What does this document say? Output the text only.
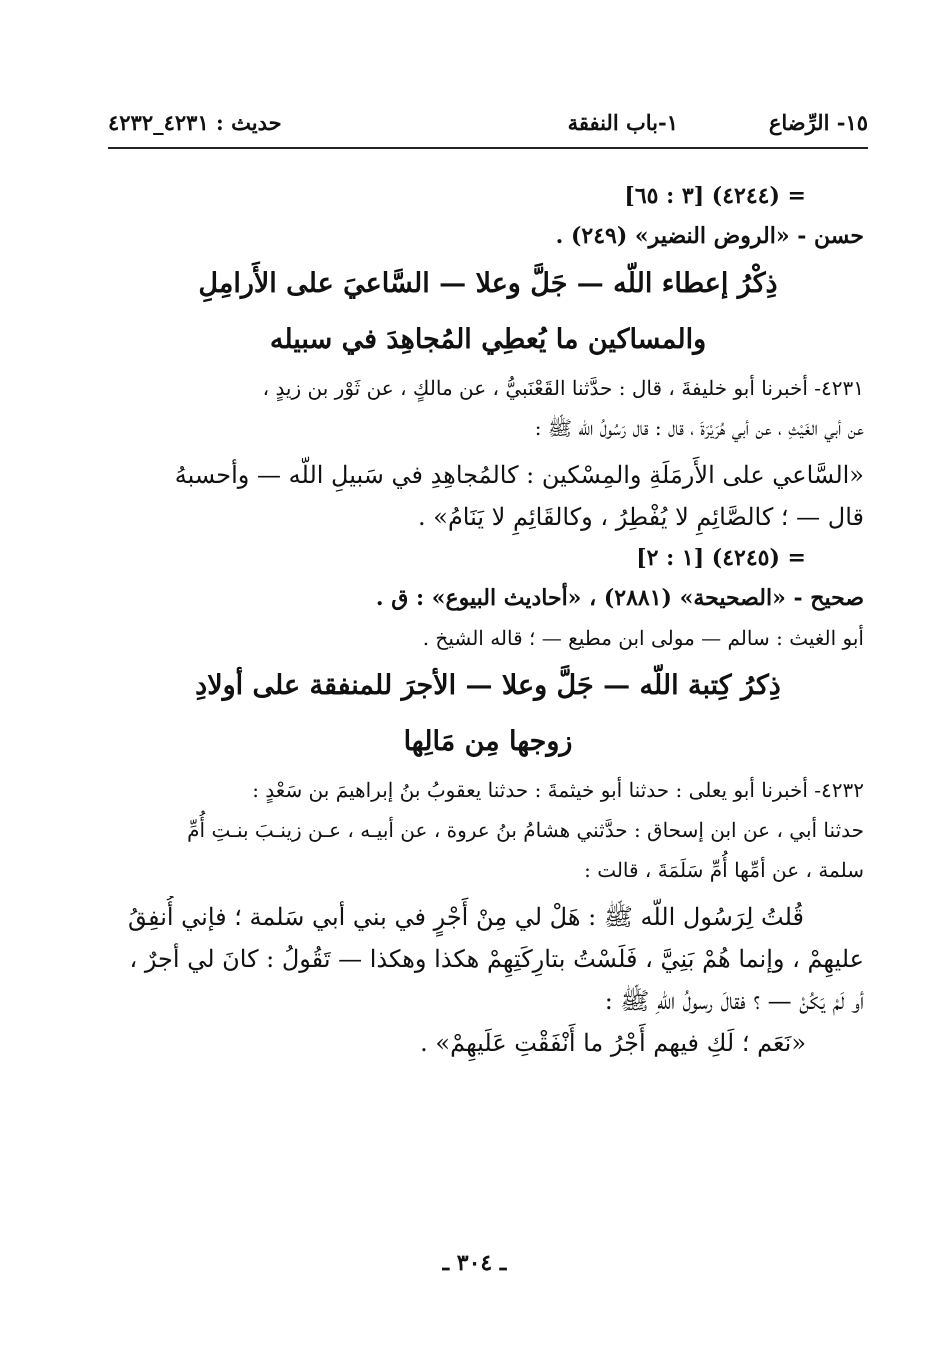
١٥- الرِّضاع
١-باب النفقة
حديث : ٤٢٣١_٤٢٣٢
= (٤٢٤٤) [٣ : ٦٥]
حسن - «الروض النضير» (٢٤٩) .
ذِكْرُ إعطاء اللّه — جَلَّ وعلا — السَّاعيَ على الأَرامِلِ
والمساكين ما يُعطِي المُجاهِدَ في سبيله
٤٢٣١- أخبرنا أبو خليفةَ ، قال : حدَّثنا القَعْنَبيُّ ، عن مالكٍ ، عن ثَوْر بن زيدٍ ،
عن أبي الغَيْثِ ، عن أبي هُرَيْرَةَ ، قال : قال رَسُولُ اللّه ﷺ :
«السَّاعي على الأَرمَلَةِ والمِسْكين : كالمُجاهِدِ في سَبيلِ اللّه — وأحسبهُ
قال — ؛ كالصَّائِمِ لا يُفْطِرُ ، وكالقَائِمِ لا يَنَامُ» .
= (٤٢٤٥) [١ : ٢]
صحيح - «الصحيحة» (٢٨٨١) ، «أحاديث البيوع» : ق .
أبو الغيث : سالم — مولى ابن مطيع — ؛ قاله الشيخ .
ذِكرُ كِتبة اللّه — جَلَّ وعلا — الأجرَ للمنفقة على أولادِ
زوجها مِن مَالِها
٤٢٣٢- أخبرنا أبو يعلى : حدثنا أبو خيثمةَ : حدثنا يعقوبُ بنُ إبراهيمَ بن سَعْدٍ :
حدثنا أبي ، عن ابن إسحاق : حدَّثني هشامُ بنُ عروة ، عن أبيـه ، عـن زينـبَ بنـتِ أُمِّ
سلمة ، عن أمِّها أُمِّ سَلَمَةَ ، قالت :
قُلتُ لِرَسُول اللّه ﷺ : هَلْ لي مِنْ أَجْرٍ في بني أبي سَلمة ؛ فإني أُنفِقُ
عليهِمْ ، وإنما هُمْ بَنِيَّ ، فَلَسْتُ بتارِكَتِهِمْ هكذا وهكذا — تَقُولُ : كانَ لي أجرٌ ،
أو لَمْ يَكُنْ — ؟ فقالَ رسولُ اللّهِ ﷺ :
«نَعَم ؛ لَكِ فيهم أَجْرُ ما أَنْفَقْتِ عَلَيهِمْ» .
ـ ٣٠٤ ـ
